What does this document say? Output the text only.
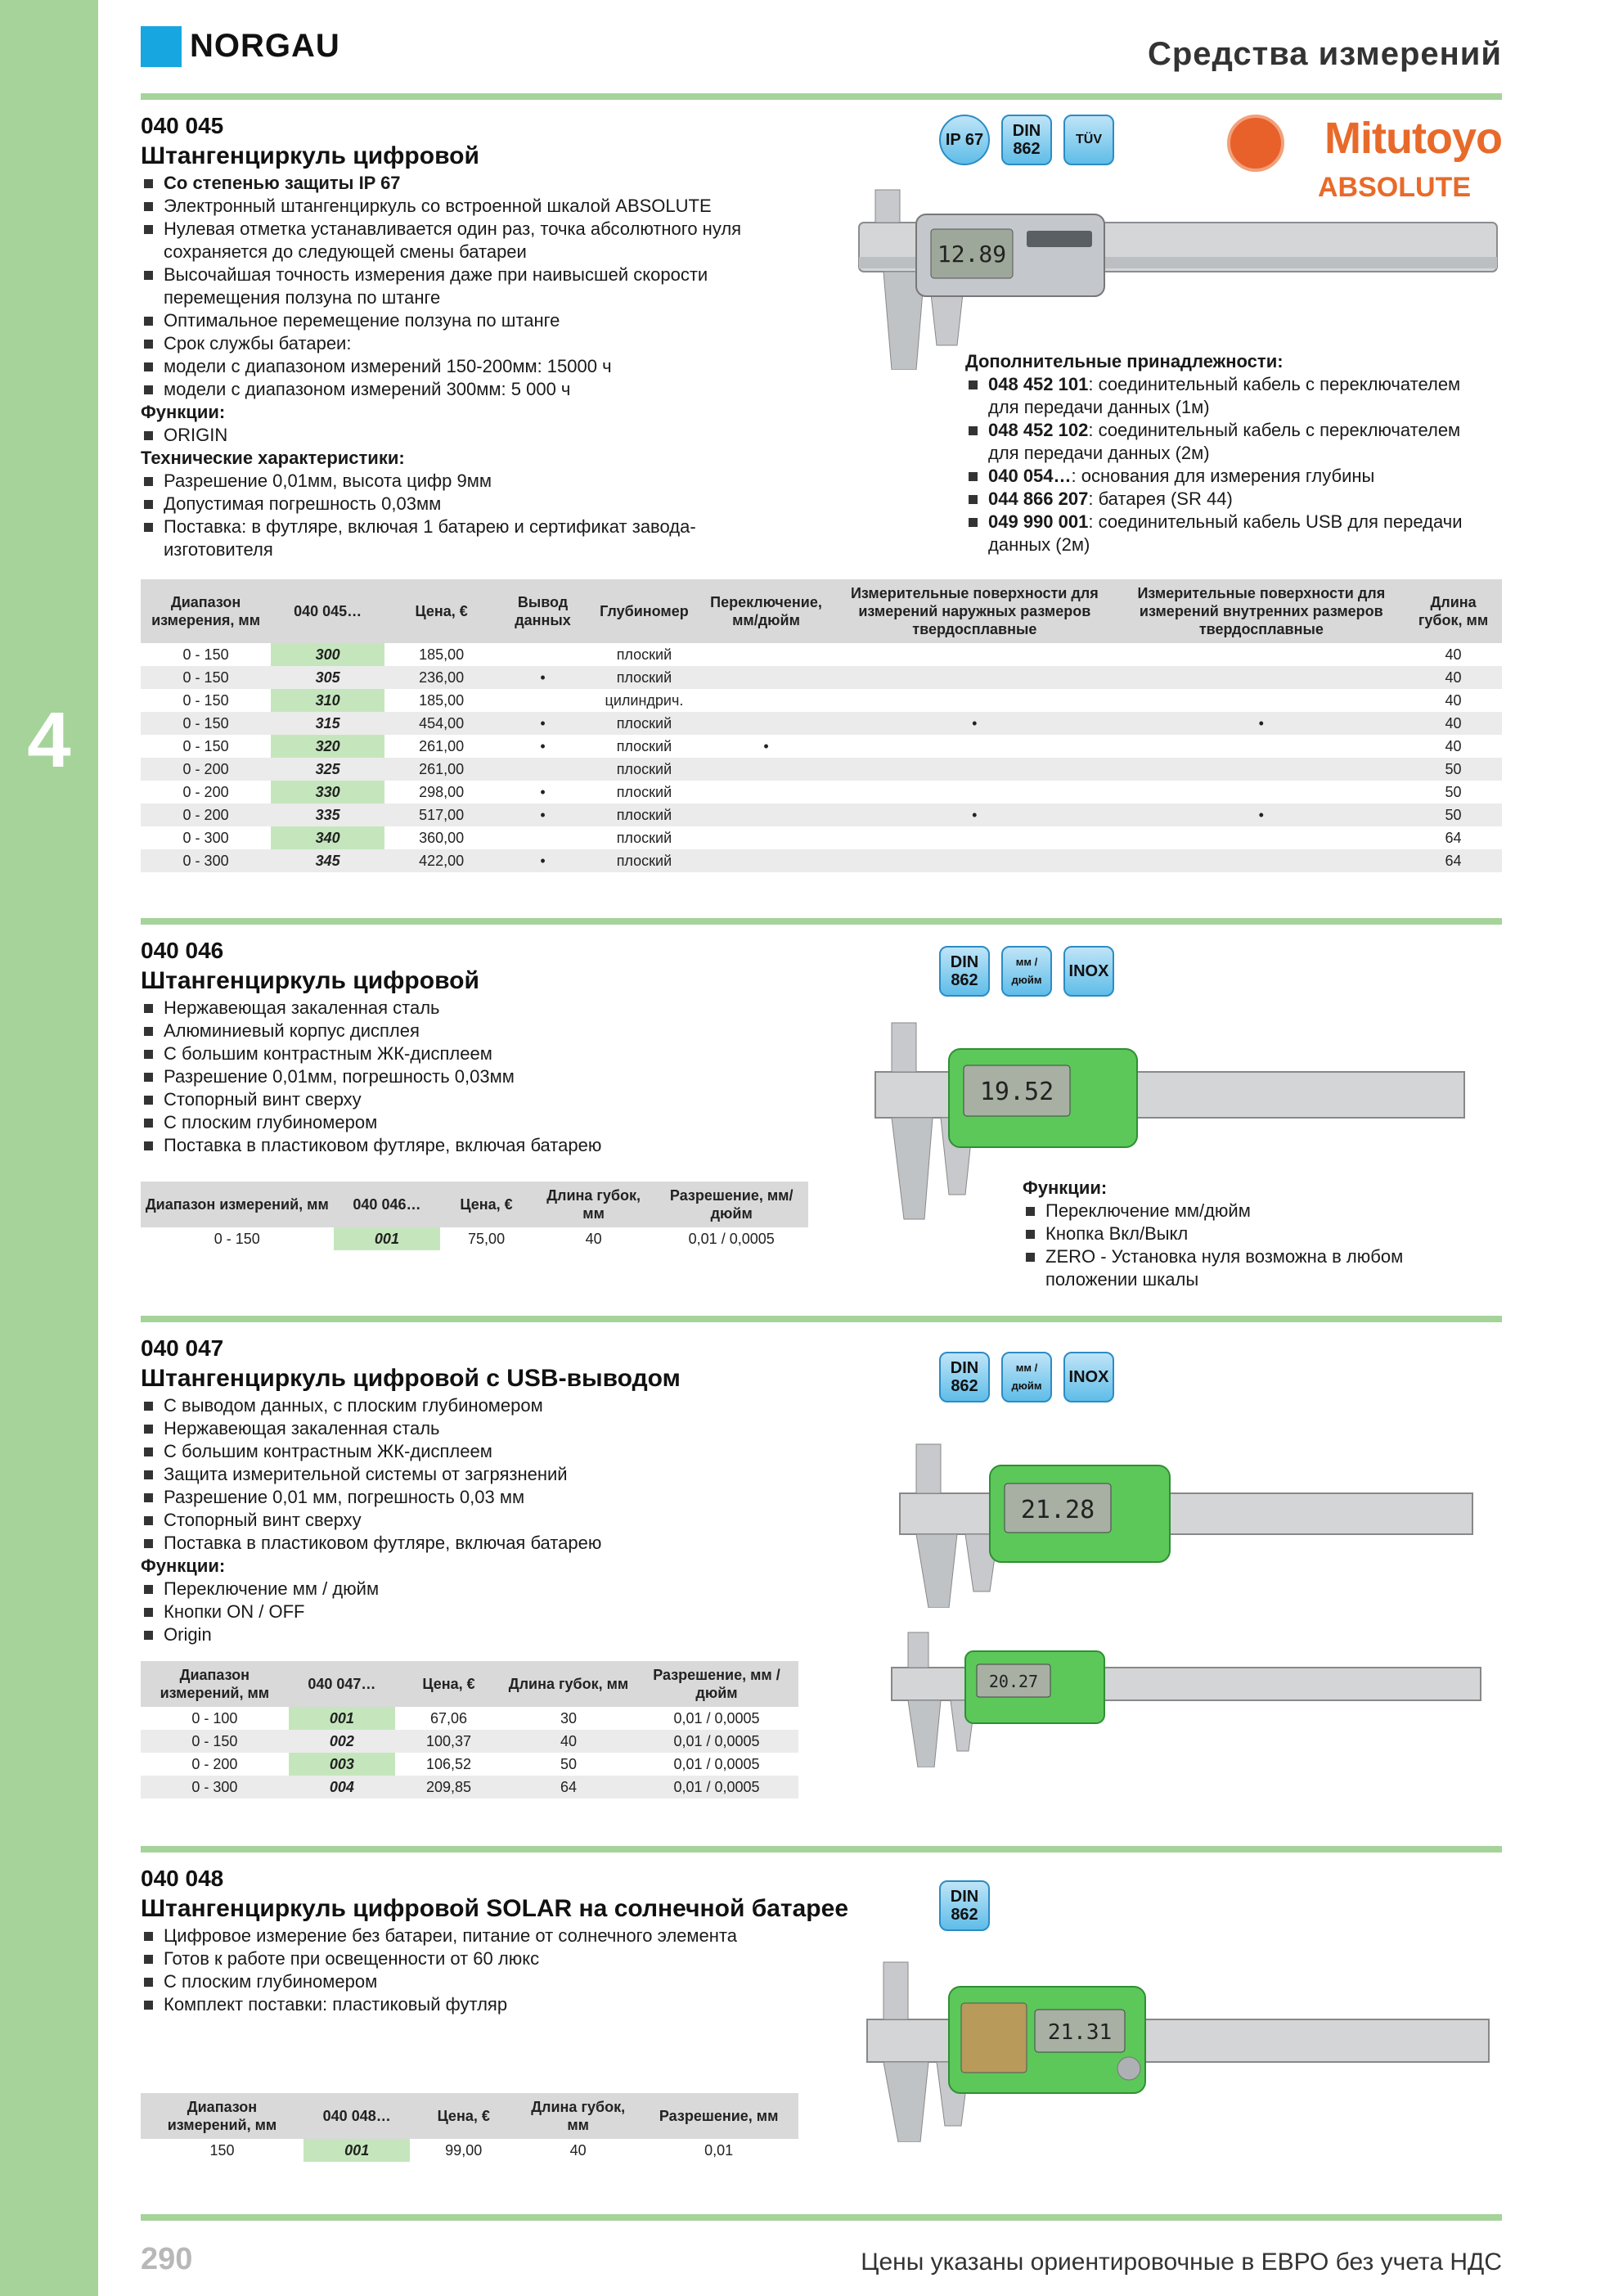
4
NORGAU	Средства измерений
040 045
Штангенциркуль цифровой
Со степенью защиты IP 67
Электронный штангенциркуль со встроенной шкалой ABSOLUTE
Нулевая отметка устанавливается один раз, точка абсолютного нуля сохраняется до следующей смены батареи
Высочайшая точность измерения даже при наивысшей скорости перемещения ползуна по штанге
Оптимальное перемещение ползуна по штанге
Срок службы батареи:
модели с диапазоном измерений 150-200мм: 15000 ч
модели с диапазоном измерений 300мм: 5 000 ч
Функции:
ORIGIN
Технические характеристики:
Разрешение 0,01мм, высота цифр 9мм
Допустимая погрешность 0,03мм
Поставка: в футляре, включая 1 батарею и сертификат завода-изготовителя
IP 67	DIN 862
TÜV	Mitutoyo
ABSOLUTE
12.89
Дополнительные принадлежности:
048 452 101: соединительный кабель с переключателем для передачи данных (1м)
048 452 102: соединительный кабель с переключателем для передачи данных (2м)
040 054…: основания для измерения глубины
044 866 207: батарея (SR 44)
049 990 001: соединительный кабель USB для передачи данных (2м)
Диапазон измерения, мм	040 045…	Цена, €	Вывод данных	Глубиномер	Переключение, мм/дюйм	Измерительные поверхности для измерений наружных размеров твердосплавные	Измерительные поверхности для измерений внутренних размеров твердосплавные	Длина губок, мм
0 - 150	300	185,00		плоский				40
0 - 150	305	236,00	•	плоский				40
0 - 150	310	185,00		цилиндрич.				40
0 - 150	315	454,00	•	плоский		•	•	40
0 - 150	320	261,00	•	плоский	•			40
0 - 200	325	261,00		плоский				50
0 - 200	330	298,00	•	плоский				50
0 - 200	335	517,00	•	плоский		•	•	50
0 - 300	340	360,00		плоский				64
0 - 300	345	422,00	•	плоский				64
040 046
Штангенциркуль цифровой
Нержавеющая закаленная сталь
Алюминиевый корпус дисплея
С большим контрастным ЖК-дисплеем
Разрешение 0,01мм, погрешность 0,03мм
Стопорный винт сверху
С плоским глубиномером
Поставка в пластиковом футляре, включая батарею
DIN 862
мм / дюйм	INOX
19.52
Функции:
Переключение мм/дюйм
Кнопка Вкл/Выкл
ZERO - Установка нуля возможна в любом положении шкалы
Диапазон измерений, мм	040 046…	Цена, €	Длина губок, мм	Разрешение, мм/дюйм
0 - 150	001	75,00	40	0,01 / 0,0005
040 047
Штангенциркуль цифровой с USB-выводом
С выводом данных, с плоским глубиномером
Нержавеющая закаленная сталь
С большим контрастным ЖК-дисплеем
Защита измерительной системы от загрязнений
Разрешение 0,01 мм, погрешность 0,03 мм
Стопорный винт сверху
Поставка в пластиковом футляре, включая батарею
Функции:
Переключение мм / дюйм
Кнопки ON / OFF
Origin
DIN 862
мм / дюйм	INOX
21.28
20.27
Диапазон измерений, мм	040 047…	Цена, €	Длина губок, мм	Разрешение, мм / дюйм
0 - 100	001	67,06	30	0,01 / 0,0005
0 - 150	002	100,37	40	0,01 / 0,0005
0 - 200	003	106,52	50	0,01 / 0,0005
0 - 300	004	209,85	64	0,01 / 0,0005
040 048
Штангенциркуль цифровой SOLAR на солнечной батарее
Цифровое измерение без батареи, питание от солнечного элемента
Готов к работе при освещенности от 60 люкс
С плоским глубиномером
Комплект поставки: пластиковый футляр
DIN 862
21.31
Диапазон измерений, мм	040 048…	Цена, €	Длина губок, мм	Разрешение, мм
150	001	99,00	40	0,01
290	Цены указаны ориентировочные в ЕВРО без учета НДС
